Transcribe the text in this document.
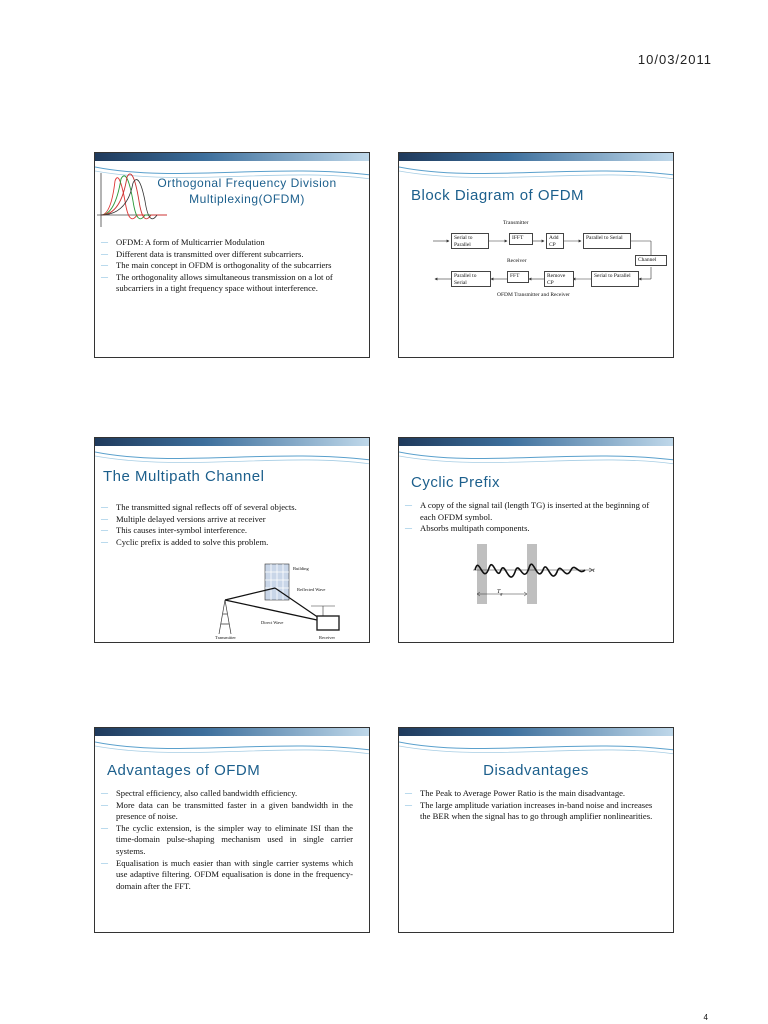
10/03/2011
Orthogonal Frequency Division
Multiplexing(OFDM)
— OFDM: A form of Multicarrier Modulation
— Different data is transmitted over different subcarriers.
— The main concept in OFDM is orthogonality of the subcarriers
— The orthogonality allows simultaneous transmission on a lot of subcarriers in a tight frequency space without interference.
Block Diagram of OFDM
Transmitter
Serial to Parallel
IFFT	Add CP
Parallel to Serial
Receiver	Channel
Parallel to Serial
FFT	Remove CP
Serial to Parallel
OFDM Transmitter and Receiver
The Multipath Channel
— The transmitted signal reflects off of several objects.
— Multiple delayed versions arrive at receiver
— This causes inter-symbol interference.
— Cyclic prefix is added to solve this problem.
Building
Reflected Wave
Direct Wave
Transmitter	Receiver
Cyclic Prefix
— A copy of the signal tail (length TG) is inserted at the beginning of each OFDM symbol.
— Absorbs multipath components.
t
$T_g$
Advantages of OFDM
— Spectral efficiency, also called bandwidth efficiency.
— More data can be transmitted faster in a given bandwidth in the presence of noise.
— The cyclic extension, is the simpler way to eliminate ISI than the time-domain pulse-shaping mechanism used in single carrier systems.
— Equalisation is much easier than with single carrier systems which use adaptive filtering. OFDM equalisation is done in the frequency-domain after the FFT.
Disadvantages
— The Peak to Average Power Ratio is the main disadvantage.
— The large amplitude variation increases in-band noise and increases the BER when the signal has to go through amplifier nonlinearities.
4
